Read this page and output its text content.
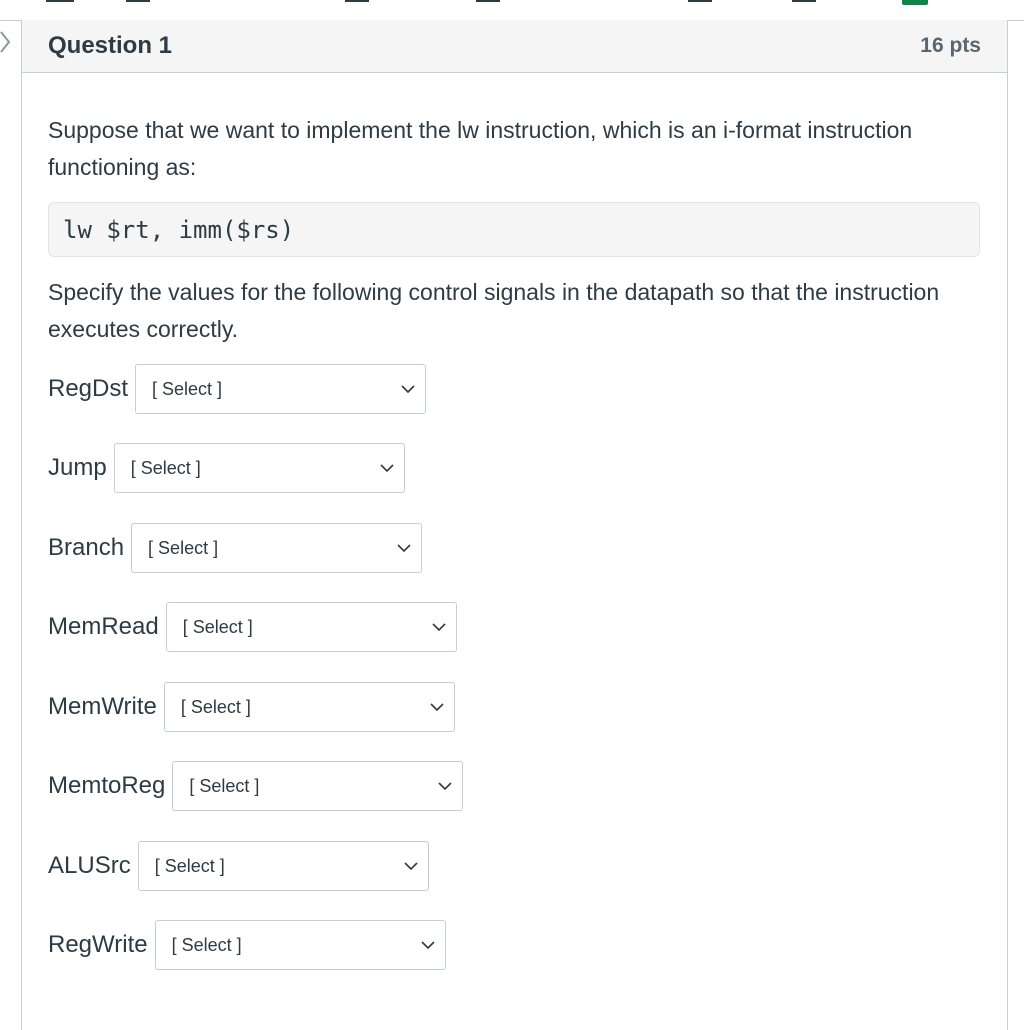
Question 1	16 pts

Suppose that we want to implement the lw instruction, which is an i-format instruction functioning as:

lw $rt, imm($rs)

Specify the values for the following control signals in the datapath so that the instruction executes correctly.

RegDst [ Select ]
Jump [ Select ]
Branch [ Select ]
MemRead [ Select ]
MemWrite [ Select ]
MemtoReg [ Select ]
ALUSrc [ Select ]
RegWrite [ Select ]
